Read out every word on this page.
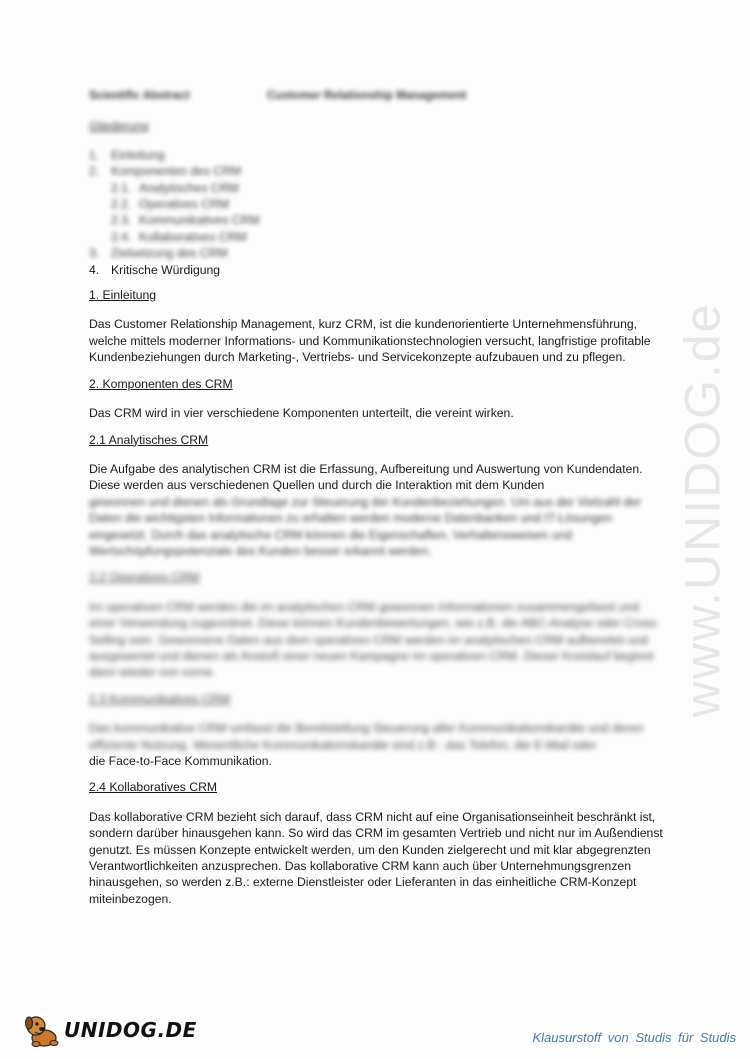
www.UNIDOG.de
Scientific Abstract	Customer Relationship Management
Gliederung
1. Einleitung
2. Komponenten des CRM
2.1. Analytisches CRM
2.2. Operatives CRM
2.3. Kommunikatives CRM
2.4. Kollaboratives CRM
3. Zielsetzung des CRM
4. Kritische Würdigung
1. Einleitung

Das Customer Relationship Management, kurz CRM, ist die kundenorientierte Unternehmensführung, welche mittels moderner Informations- und Kommunikationstechnologien versucht, langfristige profitable Kundenbeziehungen durch Marketing-, Vertriebs- und Servicekonzepte aufzubauen und zu pflegen.

2. Komponenten des CRM

Das CRM wird in vier verschiedene Komponenten unterteilt, die vereint wirken.

2.1 Analytisches CRM

Die Aufgabe des analytischen CRM ist die Erfassung, Aufbereitung und Auswertung von Kundendaten. Diese werden aus verschiedenen Quellen und durch die Interaktion mit dem Kunden

gewonnen und dienen als Grundlage zur Steuerung der Kundenbeziehungen. Um aus der Vielzahl der Daten die wichtigsten Informationen zu erhalten werden moderne Datenbanken und IT-Lösungen eingesetzt. Durch das analytische CRM können die Eigenschaften, Verhaltensweisen und Wertschöpfungspotenziale des Kunden besser erkannt werden.

2.2 Operatives CRM

Im operativen CRM werden die im analytischen CRM gewonnen Informationen zusammengefasst und einer Verwendung zugeordnet. Diese können Kundenbewertungen, wie z.B. die ABC-Analyse oder Cross-Selling sein. Gewonnene Daten aus dem operativen CRM werden im analytischen CRM aufbereitet und ausgewertet und dienen als Anstoß einer neuen Kampagne im operativen CRM. Dieser Kreislauf beginnt dann wieder von vorne.

2.3 Kommunikatives CRM

Das kommunikative CRM umfasst die Bereitstellung Steuerung aller Kommunikationskanäle und deren effiziente Nutzung. Wesentliche Kommunikationskanäle sind z.B.: das Telefon, die E-Mail oder

die Face-to-Face Kommunikation.

2.4 Kollaboratives CRM

Das kollaborative CRM bezieht sich darauf, dass CRM nicht auf eine Organisationseinheit beschränkt ist, sondern darüber hinausgehen kann. So wird das CRM im gesamten Vertrieb und nicht nur im Außendienst genutzt. Es müssen Konzepte entwickelt werden, um den Kunden zielgerecht und mit klar abgegrenzten Verantwortlichkeiten anzusprechen. Das kollaborative CRM kann auch über Unternehmungsgrenzen hinausgehen, so werden z.B.: externe Dienstleister oder Lieferanten in das einheitliche CRM-Konzept miteinbezogen.

UNIDOG.DE	Klausurstoff von Studis für Studis
